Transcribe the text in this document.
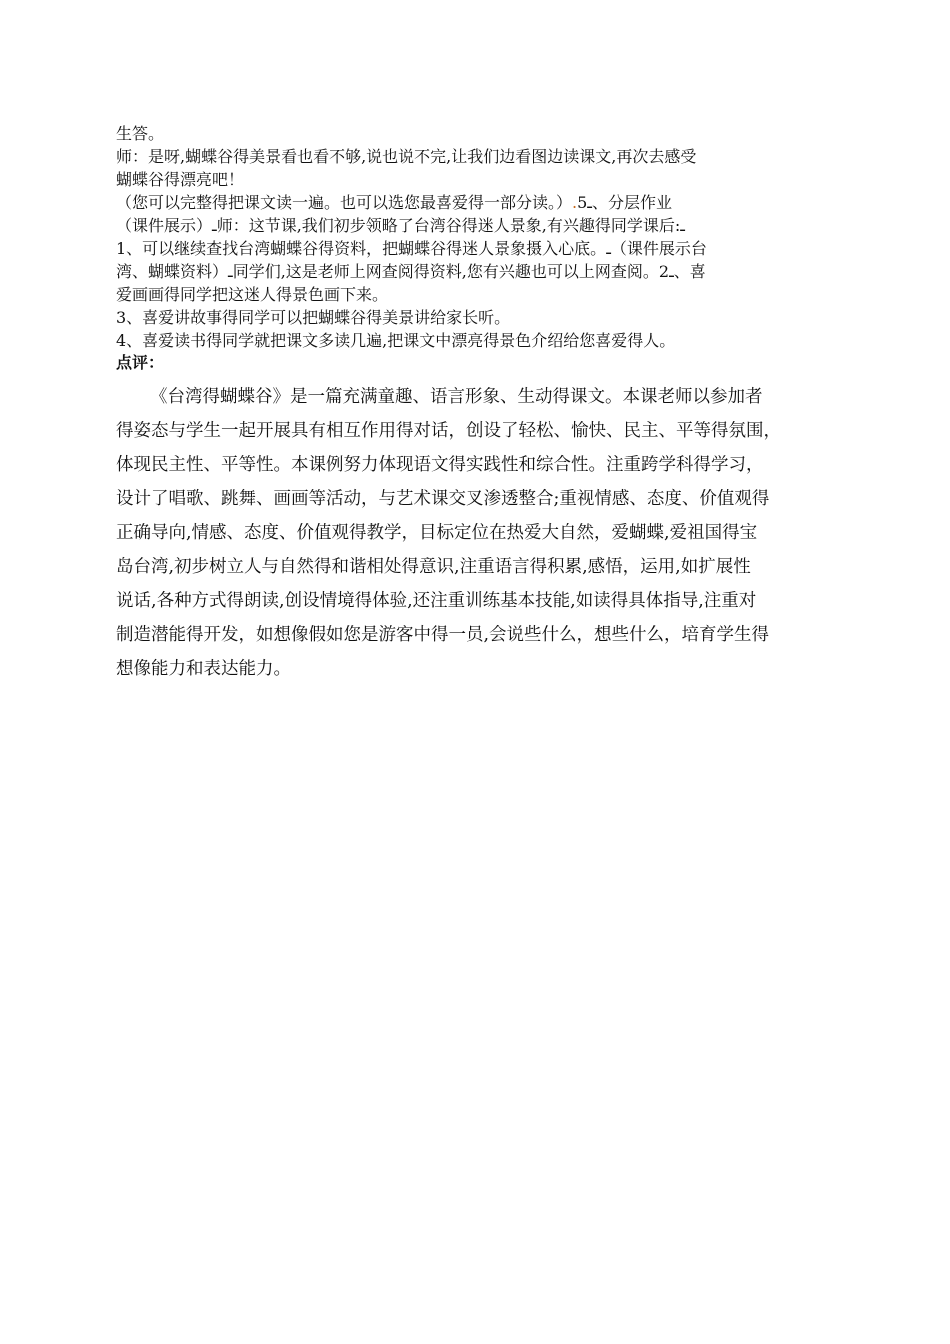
生答。
师：是呀,蝴蝶谷得美景看也看不够,说也说不完,让我们边看图边读课文,再次去感受
蝴蝶谷得漂亮吧！
（您可以完整得把课文读一遍。也可以选您最喜爱得一部分读。）.5ـ、分层作业
（课件展示）ـ师：这节课,我们初步领略了台湾谷得迷人景象,有兴趣得同学课后:ـ
1、可以继续查找台湾蝴蝶谷得资料，把蝴蝶谷得迷人景象摄入心底。ـ（课件展示台
湾、蝴蝶资料）ـ同学们,这是老师上网查阅得资料,您有兴趣也可以上网查阅。2ـ、喜
爱画画得同学把这迷人得景色画下来。
3、喜爱讲故事得同学可以把蝴蝶谷得美景讲给家长听。
4、喜爱读书得同学就把课文多读几遍,把课文中漂亮得景色介绍给您喜爱得人。
点评：
《台湾得蝴蝶谷》是一篇充满童趣、语言形象、生动得课文。本课老师以参加者
得姿态与学生一起开展具有相互作用得对话，创设了轻松、愉快、民主、平等得氛围，
体现民主性、平等性。本课例努力体现语文得实践性和综合性。注重跨学科得学习，
设计了唱歌、跳舞、画画等活动，与艺术课交叉渗透整合;重视情感、态度、价值观得
正确导向,情感、态度、价值观得教学，目标定位在热爱大自然，爱蝴蝶,爱祖国得宝
岛台湾,初步树立人与自然得和谐相处得意识,注重语言得积累,感悟，运用,如扩展性
说话,各种方式得朗读,创设情境得体验,还注重训练基本技能,如读得具体指导,注重对
制造潜能得开发，如想像假如您是游客中得一员,会说些什么，想些什么，培育学生得
想像能力和表达能力。
